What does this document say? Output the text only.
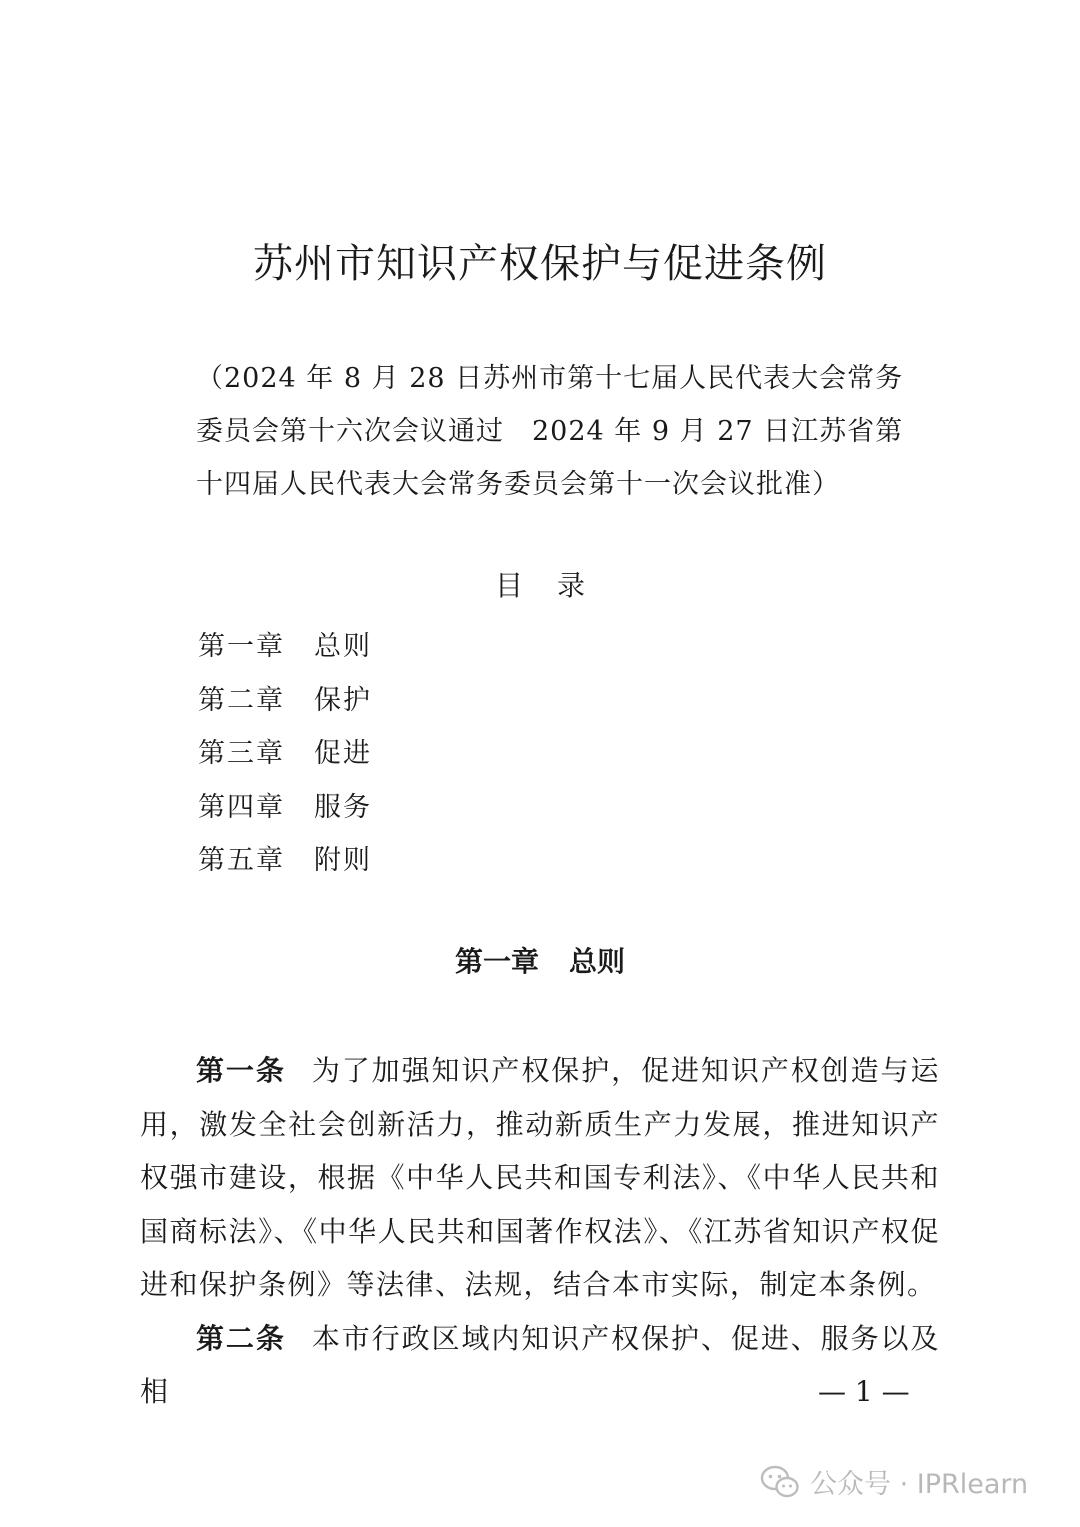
苏州市知识产权保护与促进条例
（2024 年 8 月 28 日苏州市第十七届人民代表大会常务
委员会第十六次会议通过　2024 年 9 月 27 日江苏省第
十四届人民代表大会常务委员会第十一次会议批准）
目录
第一章 总则
第二章 保护
第三章 促进
第四章 服务
第五章 附则
第一章 总则

第一条 为了加强知识产权保护，促进知识产权创造与运用，激发全社会创新活力，推动新质生产力发展，推进知识产权强市建设，根据《中华人民共和国专利法》、《中华人民共和国商标法》、《中华人民共和国著作权法》、《江苏省知识产权促进和保护条例》等法律、法规，结合本市实际，制定本条例。

第二条 本市行政区域内知识产权保护、促进、服务以及相	— 1 —
公众号 · IPRlearn
